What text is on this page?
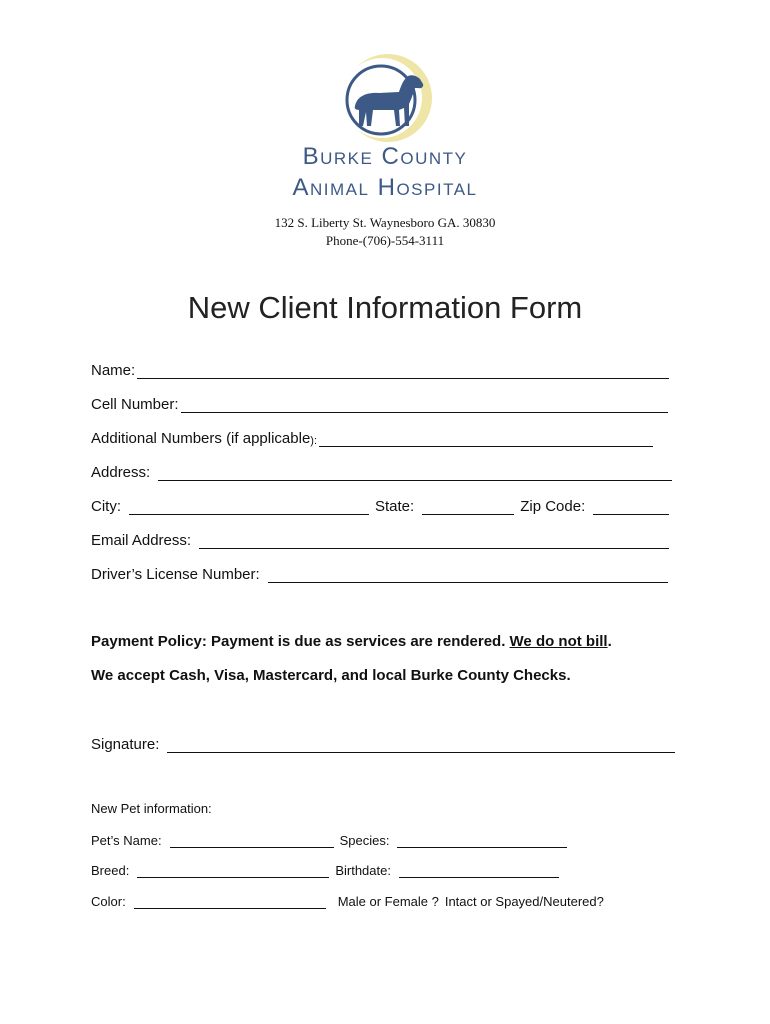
Burke County
Animal Hospital
132 S. Liberty St. Waynesboro GA. 30830
Phone-(706)-554-3111
New Client Information Form
Name:
Cell Number:
Additional Numbers (if applicable ):
Address:
City:	State:	Zip Code:
Email Address:
Driver’s License Number:
Payment Policy: Payment is due as services are rendered. We do not bill.
We accept Cash, Visa, Mastercard, and local Burke County Checks.
Signature:
New Pet information:
Pet’s Name:	Species:
Breed:	Birthdate:
Color:	Male or Female ? Intact or Spayed/Neutered?
